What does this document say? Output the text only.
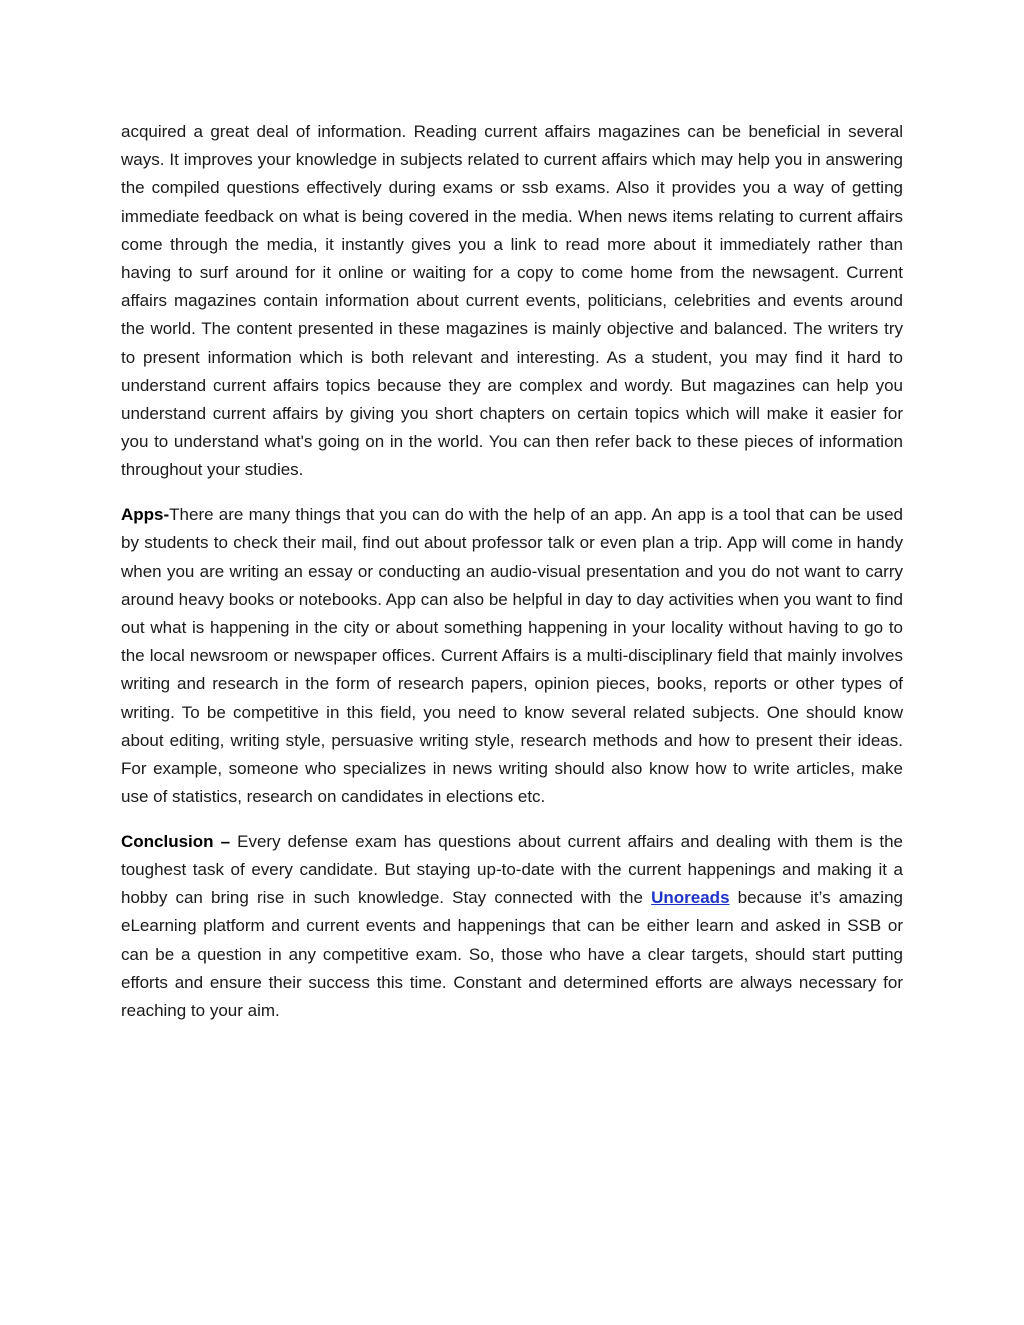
acquired a great deal of information. Reading current affairs magazines can be beneficial in several ways. It improves your knowledge in subjects related to current affairs which may help you in answering the compiled questions effectively during exams or ssb exams. Also it provides you a way of getting immediate feedback on what is being covered in the media. When news items relating to current affairs come through the media, it instantly gives you a link to read more about it immediately rather than having to surf around for it online or waiting for a copy to come home from the newsagent. Current affairs magazines contain information about current events, politicians, celebrities and events around the world. The content presented in these magazines is mainly objective and balanced. The writers try to present information which is both relevant and interesting. As a student, you may find it hard to understand current affairs topics because they are complex and wordy. But magazines can help you understand current affairs by giving you short chapters on certain topics which will make it easier for you to understand what's going on in the world. You can then refer back to these pieces of information throughout your studies.

Apps-There are many things that you can do with the help of an app. An app is a tool that can be used by students to check their mail, find out about professor talk or even plan a trip. App will come in handy when you are writing an essay or conducting an audio-visual presentation and you do not want to carry around heavy books or notebooks. App can also be helpful in day to day activities when you want to find out what is happening in the city or about something happening in your locality without having to go to the local newsroom or newspaper offices. Current Affairs is a multi-disciplinary field that mainly involves writing and research in the form of research papers, opinion pieces, books, reports or other types of writing. To be competitive in this field, you need to know several related subjects. One should know about editing, writing style, persuasive writing style, research methods and how to present their ideas. For example, someone who specializes in news writing should also know how to write articles, make use of statistics, research on candidates in elections etc.

Conclusion – Every defense exam has questions about current affairs and dealing with them is the toughest task of every candidate. But staying up-to-date with the current happenings and making it a hobby can bring rise in such knowledge. Stay connected with the Unoreads because it’s amazing eLearning platform and current events and happenings that can be either learn and asked in SSB or can be a question in any competitive exam. So, those who have a clear targets, should start putting efforts and ensure their success this time. Constant and determined efforts are always necessary for reaching to your aim.
